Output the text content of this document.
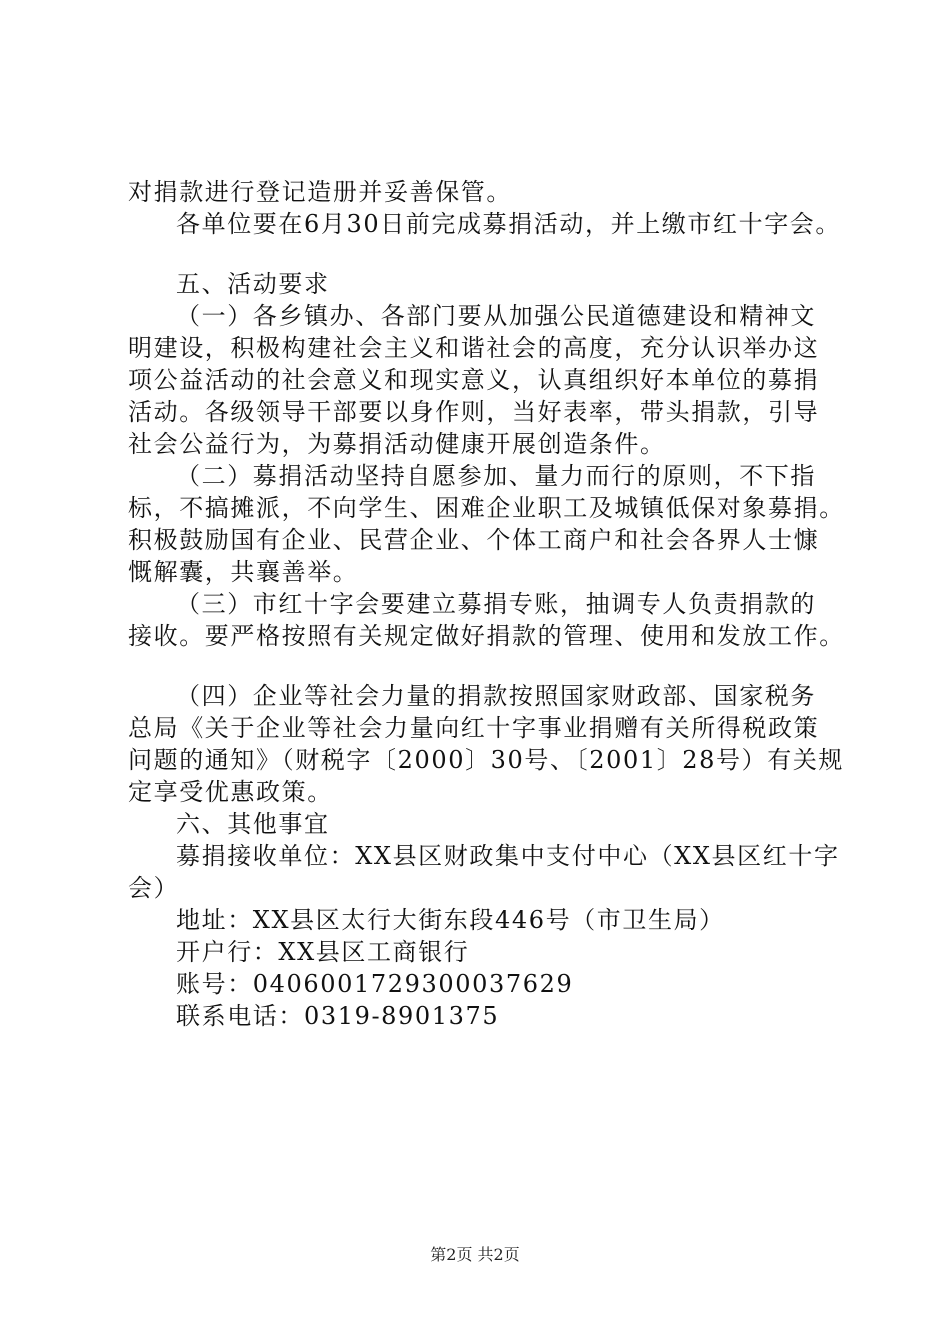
对捐款进行登记造册并妥善保管。
各单位要在6月30日前完成募捐活动，并上缴市红十字会。
五、活动要求
（一）各乡镇办、各部门要从加强公民道德建设和精神文
明建设，积极构建社会主义和谐社会的高度，充分认识举办这
项公益活动的社会意义和现实意义，认真组织好本单位的募捐
活动。各级领导干部要以身作则，当好表率，带头捐款，引导
社会公益行为，为募捐活动健康开展创造条件。
（二）募捐活动坚持自愿参加、量力而行的原则，不下指
标，不搞摊派，不向学生、困难企业职工及城镇低保对象募捐。
积极鼓励国有企业、民营企业、个体工商户和社会各界人士慷
慨解囊，共襄善举。
（三）市红十字会要建立募捐专账，抽调专人负责捐款的
接收。要严格按照有关规定做好捐款的管理、使用和发放工作。
（四）企业等社会力量的捐款按照国家财政部、国家税务
总局《关于企业等社会力量向红十字事业捐赠有关所得税政策
问题的通知》（财税字〔2000〕30号、〔2001〕28号）有关规
定享受优惠政策。
六、其他事宜
募捐接收单位：XX县区财政集中支付中心（XX县区红十字
会）
地址：XX县区太行大街东段446号（市卫生局）
开户行：XX县区工商银行
账号：0406001729300037629
联系电话：0319-8901375
第2页 共2页
